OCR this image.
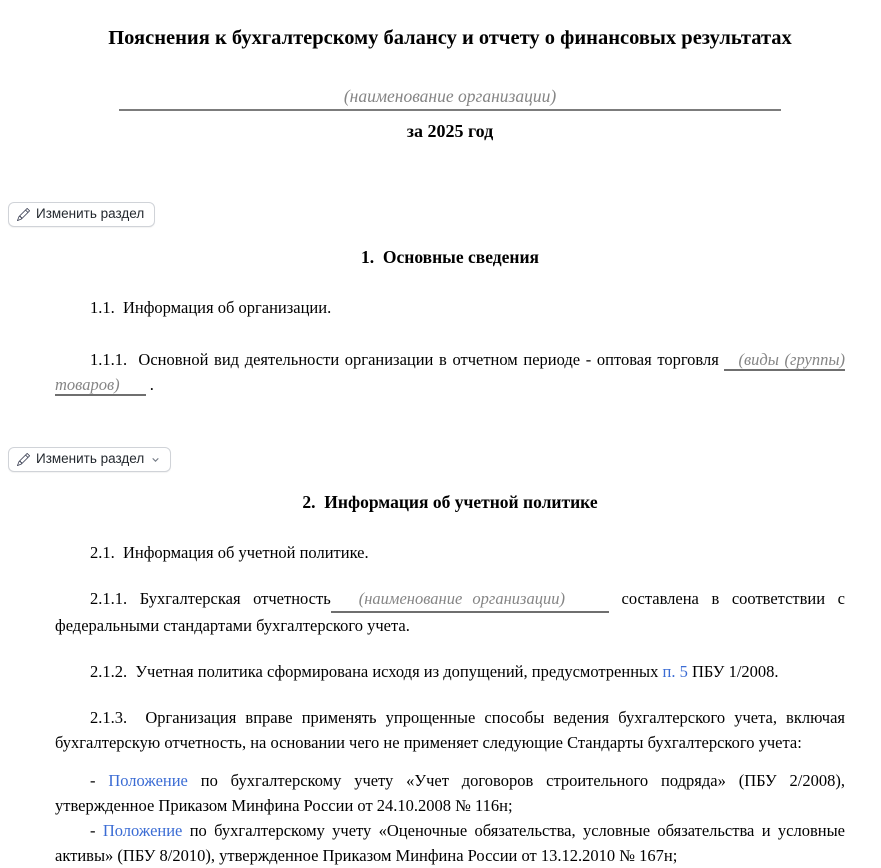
Пояснения к бухгалтерскому балансу и отчету о финансовых результатах
(наименование организации)
за 2025 год
Изменить раздел
1.  Основные сведения

1.1.  Информация об организации.

1.1.1.  Основной вид деятельности организации в отчетном периоде - оптовая торговля (виды (группы) товаров) .

Изменить раздел
2.  Информация об учетной политике

2.1.  Информация об учетной политике.

2.1.1. Бухгалтерская отчетность (наименование организации)	составлена в соответствии с федеральными стандартами бухгалтерского учета.

2.1.2.  Учетная политика сформирована исходя из допущений, предусмотренных п. 5 ПБУ 1/2008.

2.1.3.  Организация вправе применять упрощенные способы ведения бухгалтерского учета, включая бухгалтерскую отчетность, на основании чего не применяет следующие Стандарты бухгалтерского учета:

- Положение по бухгалтерскому учету «Учет договоров строительного подряда» (ПБУ 2/2008), утвержденное Приказом Минфина России от 24.10.2008 № 116н;

- Положение по бухгалтерскому учету «Оценочные обязательства, условные обязательства и условные активы» (ПБУ 8/2010), утвержденное Приказом Минфина России от 13.12.2010 № 167н;
